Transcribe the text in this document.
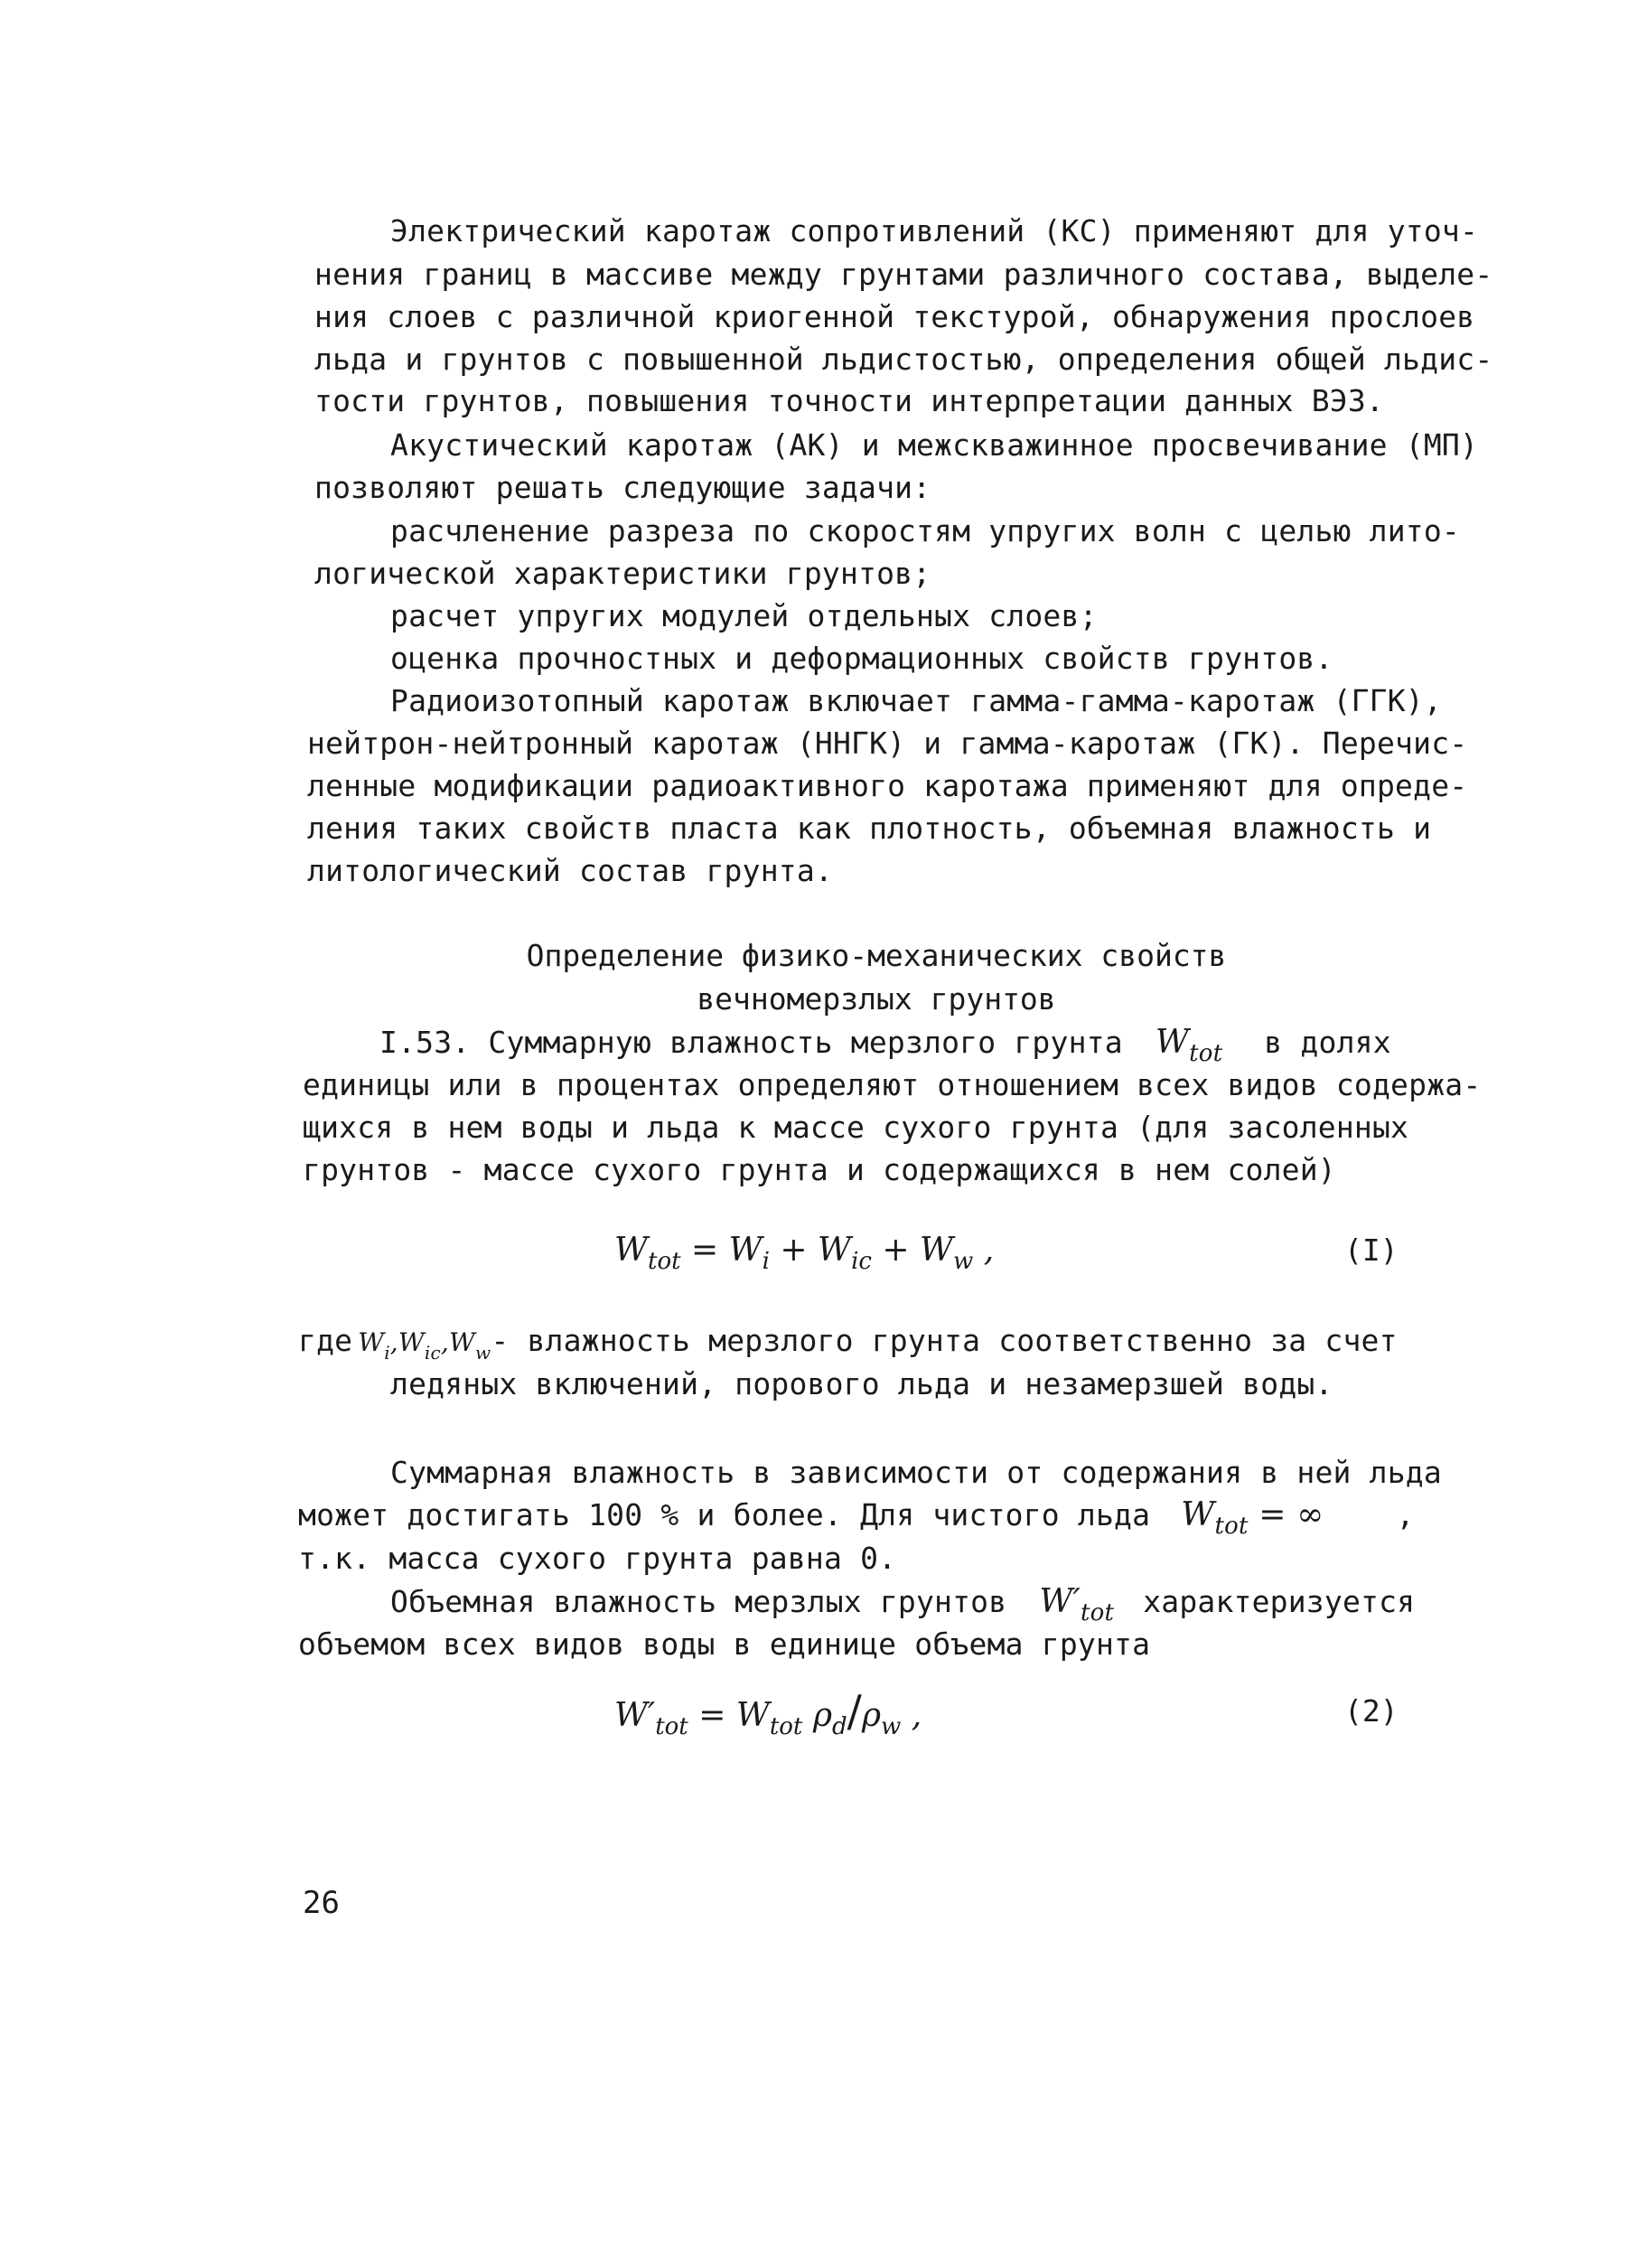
Электрический каротаж сопротивлений (КС) применяют для уточ-
нения границ в массиве между грунтами различного состава, выделе-
ния слоев с различной криогенной текстурой, обнаружения прослоев
льда и грунтов с повышенной льдистостью, определения общей льдис-
тости грунтов, повышения точности интерпретации данных ВЭЗ.
Акустический каротаж (АК) и межскважинное просвечивание (МП)
позволяют решать следующие задачи:
расчленение разреза по скоростям упругих волн с целью лито-
логической характеристики грунтов;
расчет упругих модулей отдельных слоев;
оценка прочностных и деформационных свойств грунтов.
Радиоизотопный каротаж включает гамма-гамма-каротаж (ГГК),
нейтрон-нейтронный каротаж (ННГК) и гамма-каротаж (ГК). Перечис-
ленные модификации радиоактивного каротажа применяют для опреде-
ления таких свойств пласта как плотность, объемная влажность и
литологический состав грунта.
Определение физико-механических свойств
вечномерзлых грунтов
I.53. Суммарную влажность мерзлого грунта $W_{tot}$ в долях
единицы или в процентах определяют отношением всех видов содержа-
щихся в нем воды и льда к массе сухого грунта (для засоленных
грунтов - массе сухого грунта и содержащихся в нем солей)
$W_{tot} = W_i + W_{ic} + W_w$ ,	(I)
где $W_i,W_{ic},W_w-$ влажность мерзлого грунта соответственно за счет
ледяных включений, порового льда и незамерзшей воды.
Суммарная влажность в зависимости от содержания в ней льда
может достигать 100 % и более. Для чистого льда $W_{tot}$ = ∞ ,
т.к. масса сухого грунта равна 0.
Объемная влажность мерзлых грунтов $W'_{tot}$ характеризуется
объемом всех видов воды в единице объема грунта
$W'_{tot} = W_{tot}$ $\rho_d/\rho_w$ ,	(2)
26
